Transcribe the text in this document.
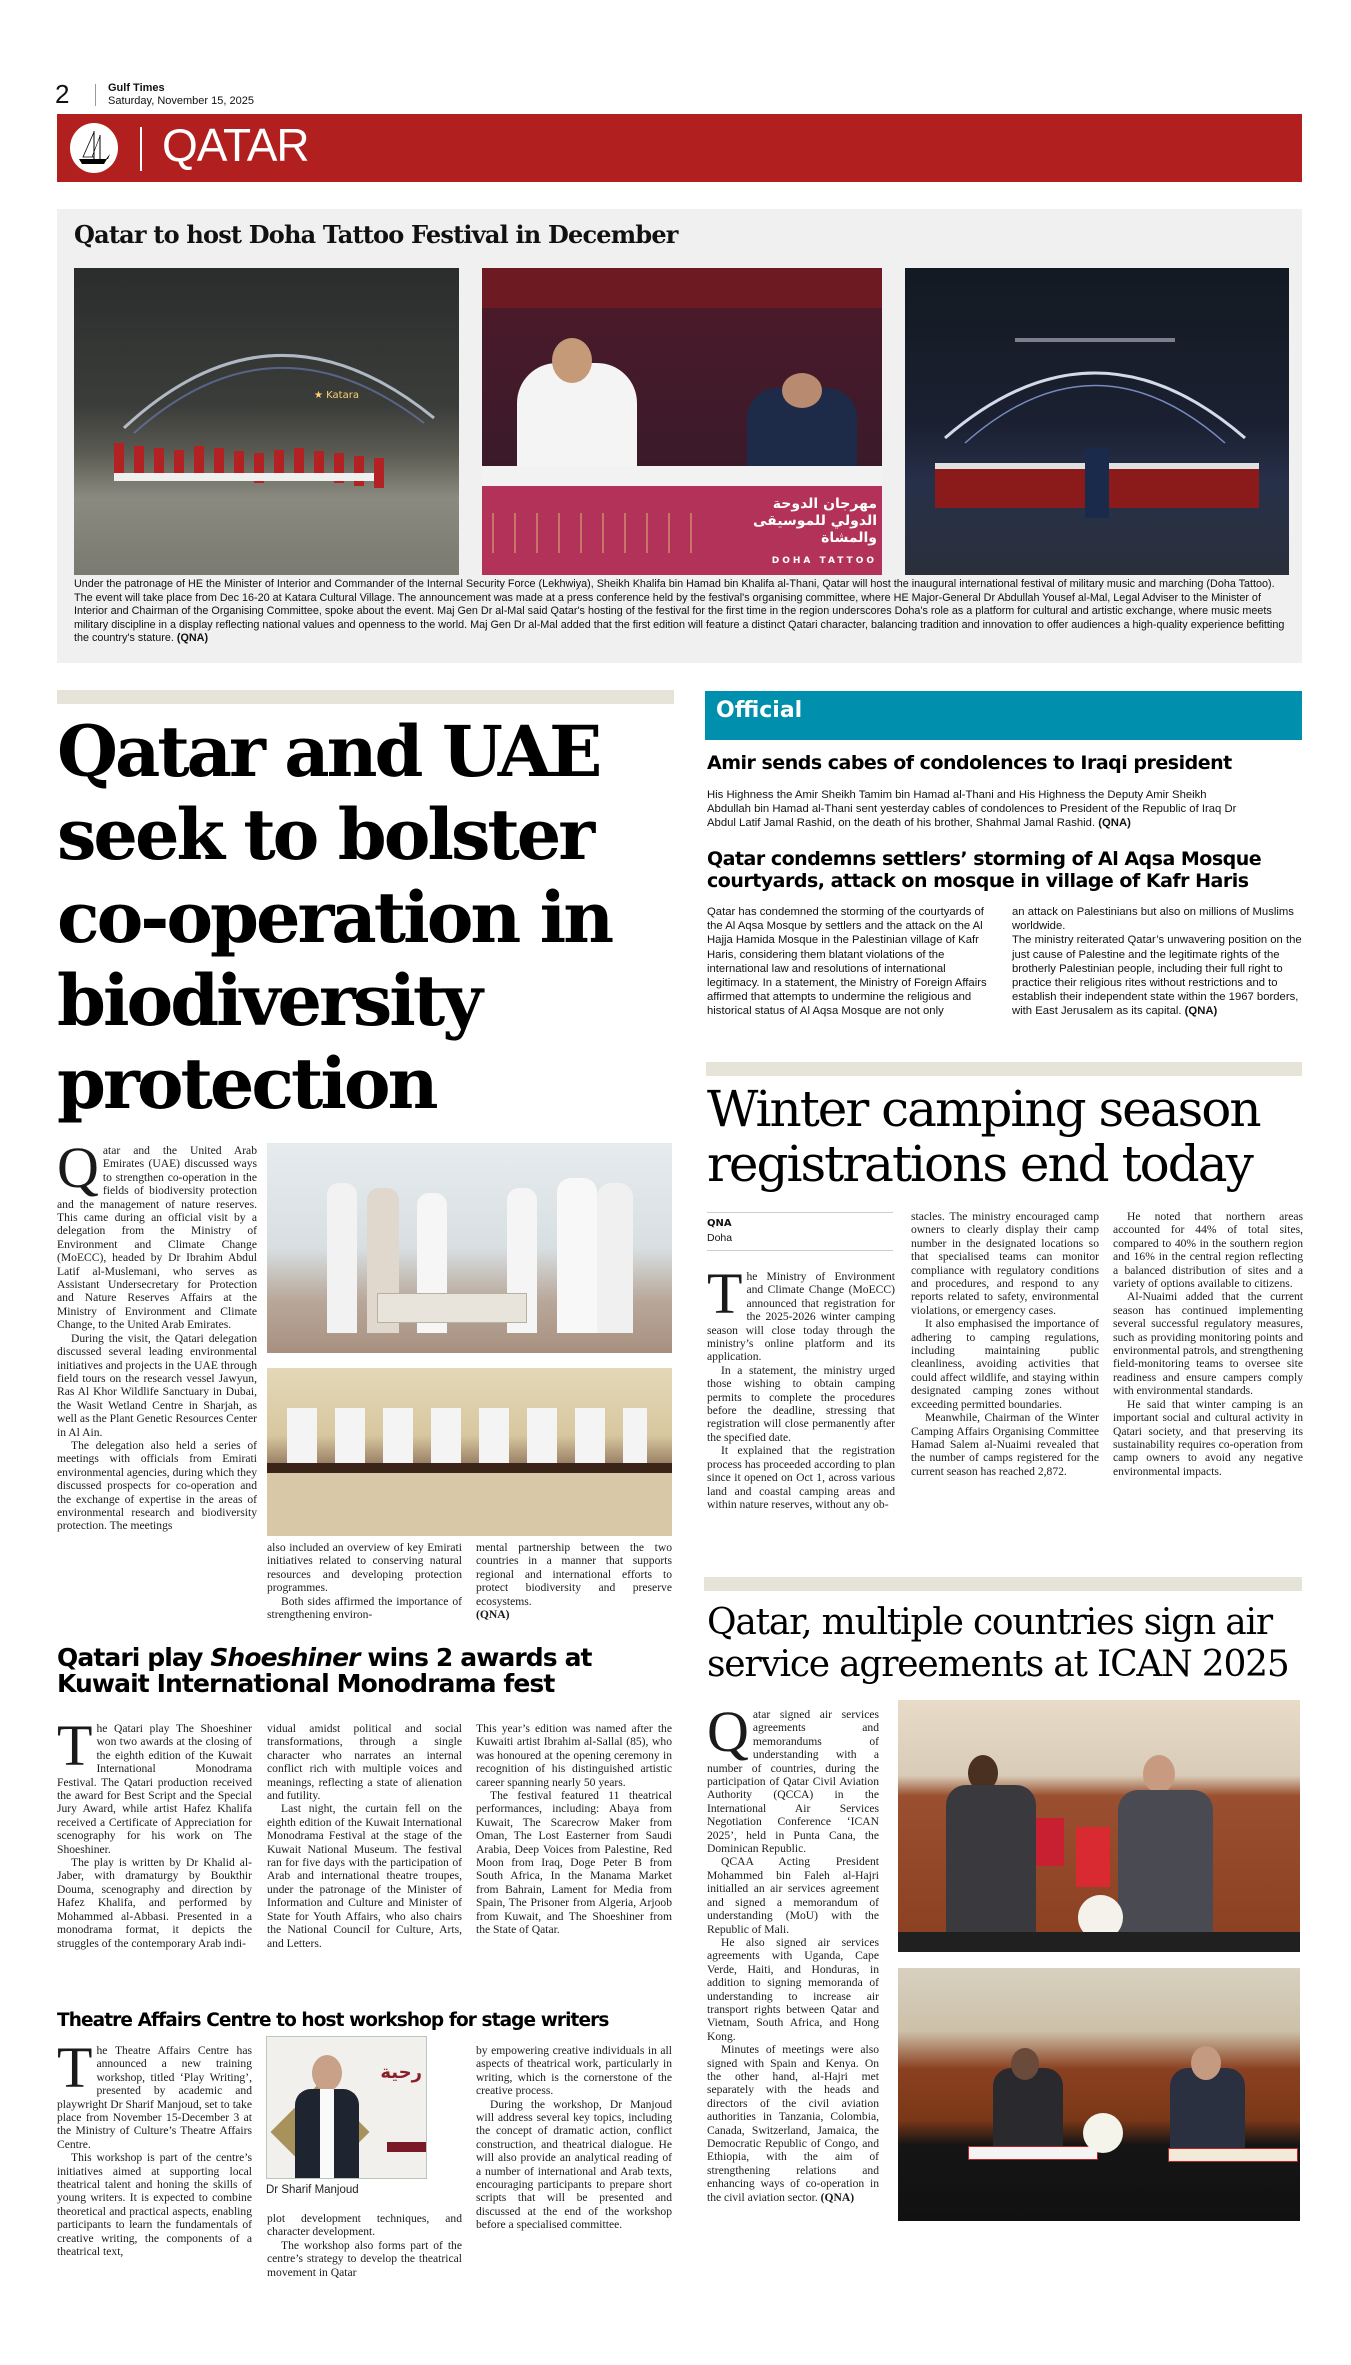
2	Gulf Times
Saturday, November 15, 2025
QATAR
Qatar to host Doha Tattoo Festival in December
★ Katara
مهرجان الدوحة الدولي للموسيقى والمشاة
DOHA TATTOO
Under the patronage of HE the Minister of Interior and Commander of the Internal Security Force (Lekhwiya), Sheikh Khalifa bin Hamad bin Khalifa al-Thani, Qatar will host the inaugural international festival of military music and marching (Doha Tattoo). The event will take place from Dec 16-20 at Katara Cultural Village. The announcement was made at a press conference held by the festival's organising committee, where HE Major-General Dr Abdullah Yousef al-Mal, Legal Adviser to the Minister of Interior and Chairman of the Organising Committee, spoke about the event. Maj Gen Dr al-Mal said Qatar's hosting of the festival for the first time in the region underscores Doha's role as a platform for cultural and artistic exchange, where music meets military discipline in a display reflecting national values and openness to the world. Maj Gen Dr al-Mal added that the first edition will feature a distinct Qatari character, balancing tradition and innovation to offer audiences a high-quality experience befitting the country's stature. (QNA)
Qatar and UAE seek to bolster co-operation in biodiversity protection

Qatar and the United Arab Emirates (UAE) discussed ways to strengthen co-operation in the fields of biodiversity protection and the management of nature reserves. This came during an official visit by a delegation from the Ministry of Environment and Climate Change (MoECC), headed by Dr Ibrahim Abdul Latif al-Muslemani, who serves as Assistant Undersecretary for Protection and Nature Reserves Affairs at the Ministry of Environment and Climate Change, to the United Arab Emirates.

During the visit, the Qatari delegation discussed several leading environmental initiatives and projects in the UAE through field tours on the research vessel Jawyun, Ras Al Khor Wildlife Sanctuary in Dubai, the Wasit Wetland Centre in Sharjah, as well as the Plant Genetic Resources Center in Al Ain.

The delegation also held a series of meetings with officials from Emirati environmental agencies, during which they discussed prospects for co-operation and the exchange of expertise in the areas of environmental research and biodiversity protection. The meetings

also included an overview of key Emirati initiatives related to conserving natural resources and developing protection programmes.

Both sides affirmed the importance of strengthening environ-

mental partnership between the two countries in a manner that supports regional and international efforts to protect biodiversity and preserve ecosystems.

(QNA)
Qatari play Shoeshiner wins 2 awards at Kuwait International Monodrama fest

The Qatari play The Shoeshiner won two awards at the closing of the eighth edition of the Kuwait International Monodrama Festival. The Qatari production received the award for Best Script and the Special Jury Award, while artist Hafez Khalifa received a Certificate of Appreciation for scenography for his work on The Shoeshiner.

The play is written by Dr Khalid al-Jaber, with dramaturgy by Boukthir Douma, scenography and direction by Hafez Khalifa, and performed by Mohammed al-Abbasi. Presented in a monodrama format, it depicts the struggles of the contemporary Arab indi-

vidual amidst political and social transformations, through a single character who narrates an internal conflict rich with multiple voices and meanings, reflecting a state of alienation and futility.

Last night, the curtain fell on the eighth edition of the Kuwait International Monodrama Festival at the stage of the Kuwait National Museum. The festival ran for five days with the participation of Arab and international theatre troupes, under the patronage of the Minister of Information and Culture and Minister of State for Youth Affairs, who also chairs the National Council for Culture, Arts, and Letters.

This year’s edition was named after the Kuwaiti artist Ibrahim al-Sallal (85), who was honoured at the opening ceremony in recognition of his distinguished artistic career spanning nearly 50 years.

The festival featured 11 theatrical performances, including: Abaya from Kuwait, The Scarecrow Maker from Oman, The Lost Easterner from Saudi Arabia, Deep Voices from Palestine, Red Moon from Iraq, Doge Peter B from South Africa, In the Manama Market from Bahrain, Lament for Media from Spain, The Prisoner from Algeria, Arjoob from Kuwait, and The Shoeshiner from the State of Qatar.

Theatre Affairs Centre to host workshop for stage writers

The Theatre Affairs Centre has announced a new training workshop, titled ‘Play Writing’, presented by academic and playwright Dr Sharif Manjoud, set to take place from November 15-December 3 at the Ministry of Culture’s Theatre Affairs Centre.

This workshop is part of the centre’s initiatives aimed at supporting local theatrical talent and honing the skills of young writers. It is expected to combine theoretical and practical aspects, enabling participants to learn the fundamentals of creative writing, the components of a theatrical text,

رحية
Dr Sharif Manjoud

plot development techniques, and character development.

The workshop also forms part of the centre’s strategy to develop the theatrical movement in Qatar

by empowering creative individuals in all aspects of theatrical work, particularly in writing, which is the cornerstone of the creative process.

During the workshop, Dr Manjoud will address several key topics, including the concept of dramatic action, conflict construction, and theatrical dialogue. He will also provide an analytical reading of a number of international and Arab texts, encouraging participants to prepare short scripts that will be presented and discussed at the end of the workshop before a specialised committee.

Official
Amir sends cabes of condolences to Iraqi president
His Highness the Amir Sheikh Tamim bin Hamad al-Thani and His Highness the Deputy Amir Sheikh Abdullah bin Hamad al-Thani sent yesterday cables of condolences to President of the Republic of Iraq Dr Abdul Latif Jamal Rashid, on the death of his brother, Shahmal Jamal Rashid. (QNA)
Qatar condemns settlers’ storming of Al Aqsa Mosque courtyards, attack on mosque in village of Kafr Haris
Qatar has condemned the storming of the courtyards of the Al Aqsa Mosque by settlers and the attack on the Al Hajja Hamida Mosque in the Palestinian village of Kafr Haris, considering them blatant violations of the international law and resolutions of international legitimacy. In a statement, the Ministry of Foreign Affairs affirmed that attempts to undermine the religious and historical status of Al Aqsa Mosque are not only
an attack on Palestinians but also on millions of Muslims worldwide.
The ministry reiterated Qatar’s unwavering position on the just cause of Palestine and the legitimate rights of the brotherly Palestinian people, including their full right to practice their religious rites without restrictions and to establish their independent state within the 1967 borders, with East Jerusalem as its capital. (QNA)
Winter camping season registrations end today
QNA
Doha

The Ministry of Environment and Climate Change (MoECC) announced that registration for the 2025-2026 winter camping season will close today through the ministry’s online platform and its application.

In a statement, the ministry urged those wishing to obtain camping permits to complete the procedures before the deadline, stressing that registration will close permanently after the specified date.

It explained that the registration process has proceeded according to plan since it opened on Oct 1, across various land and coastal camping areas and within nature reserves, without any ob-

stacles. The ministry encouraged camp owners to clearly display their camp number in the designated locations so that specialised teams can monitor compliance with regulatory conditions and procedures, and respond to any reports related to safety, environmental violations, or emergency cases.

It also emphasised the importance of adhering to camping regulations, including maintaining public cleanliness, avoiding activities that could affect wildlife, and staying within designated camping zones without exceeding permitted boundaries.

Meanwhile, Chairman of the Winter Camping Affairs Organising Committee Hamad Salem al-Nuaimi revealed that the number of camps registered for the current season has reached 2,872.

He noted that northern areas accounted for 44% of total sites, compared to 40% in the southern region and 16% in the central region reflecting a balanced distribution of sites and a variety of options available to citizens.

Al-Nuaimi added that the current season has continued implementing several successful regulatory measures, such as providing monitoring points and environmental patrols, and strengthening field-monitoring teams to oversee site readiness and ensure campers comply with environmental standards.

He said that winter camping is an important social and cultural activity in Qatari society, and that preserving its sustainability requires co-operation from camp owners to avoid any negative environmental impacts.

Qatar, multiple countries sign air service agreements at ICAN 2025

Qatar signed air services agreements and memorandums of understanding with a number of countries, during the participation of Qatar Civil Aviation Authority (QCCA) in the International Air Services Negotiation Conference ‘ICAN 2025’, held in Punta Cana, the Dominican Republic.

QCAA Acting President Mohammed bin Faleh al-Hajri initialled an air services agreement and signed a memorandum of understanding (MoU) with the Republic of Mali.

He also signed air services agreements with Uganda, Cape Verde, Haiti, and Honduras, in addition to signing memoranda of understanding to increase air transport rights between Qatar and Vietnam, South Africa, and Hong Kong.

Minutes of meetings were also signed with Spain and Kenya. On the other hand, al-Hajri met separately with the heads and directors of the civil aviation authorities in Tanzania, Colombia, Canada, Switzerland, Jamaica, the Democratic Republic of Congo, and Ethiopia, with the aim of strengthening relations and enhancing ways of co-operation in the civil aviation sector. (QNA)
